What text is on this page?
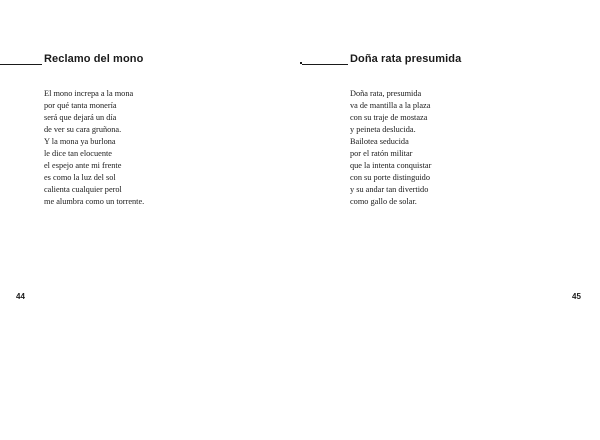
Reclamo del mono
El mono increpa a la mona
por qué tanta monería
será que dejará un día
de ver su cara gruñona.
Y la mona ya burlona
le dice tan elocuente
el espejo ante mi frente
es como la luz del sol
calienta cualquier perol
me alumbra como un torrente.
44
Doña rata presumida
Doña rata, presumida
va de mantilla a la plaza
con su traje de mostaza
y peineta deslucida.
Bailotea seducida
por el ratón militar
que la intenta conquistar
con su porte distinguido
y su andar tan divertido
como gallo de solar.
45
